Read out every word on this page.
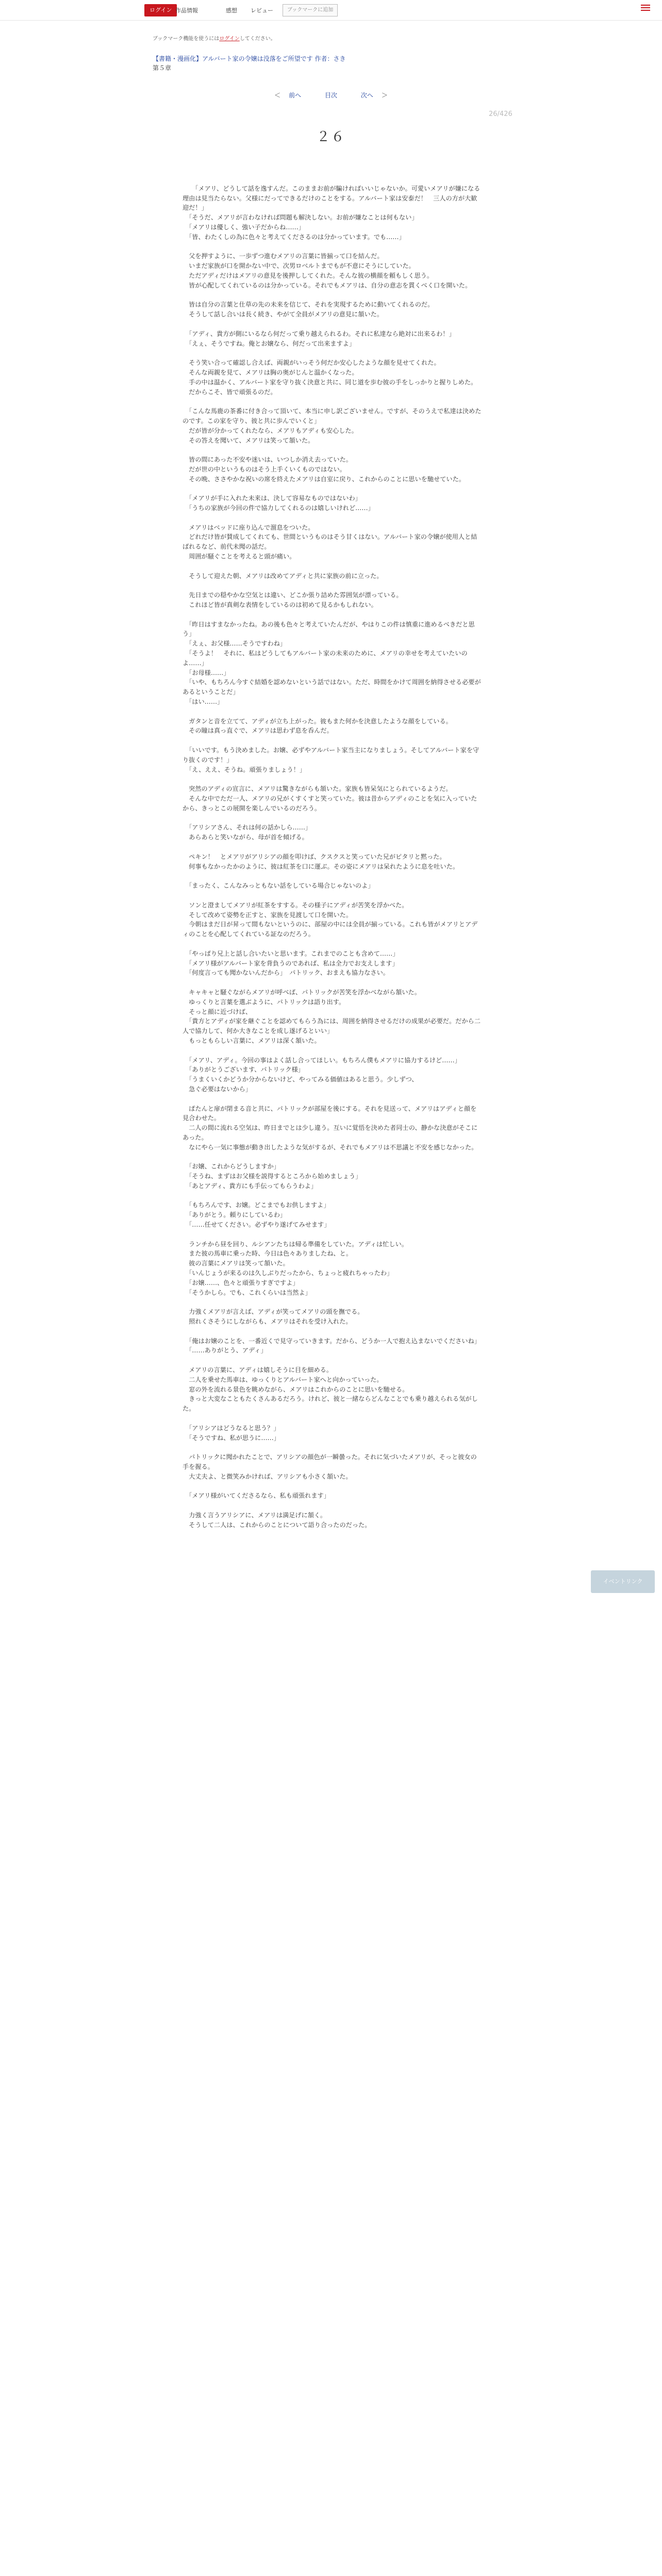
ログイン 作品情報	感想 レビュー	ブックマークに追加
ブックマーク機能を使うにはログインしてください。
【書籍・漫画化】アルバート家の令嬢は没落をご所望です 作者：さき
第５章
＜ 前へ	目次	次へ ＞
26/426
２６

　　「メアリ、どうして話を逸すんだ。このままお前が騙ければいいじゃないか。可愛いメアリが嫌になる理由は見当たらない。父様にだってできるだけのことをする。アルバート家は安泰だ！　三人の方が大歓迎だ！」

　「そうだ、メアリが言わなければ問題も解決しない。お前が嫌なことは何もない」

　「メアリは優しく、強い子だからね……」

　「皆、わたくしの為に色々と考えてくださるのは分かっています。でも……」

　父を押すように、一歩ずつ進むメアリの言葉に皆揃って口を結んだ。

　いまだ家族が口を開かない中で、次男ロベルトまでもが不意にそうにしていた。

　ただアディだけはメアリの意見を後押ししてくれた。そんな彼の横顔を頼もしく思う。

　皆が心配してくれているのは分かっている。それでもメアリは、自分の意志を貫くべく口を開いた。

　皆は自分の言葉と仕草の先の未来を信じて、それを実現するために動いてくれるのだ。

　そうして話し合いは長く続き、やがて全員がメアリの意見に頷いた。

　「アディ、貴方が側にいるなら何だって乗り越えられるわ。それに私達なら絶対に出来るわ！」

　「えぇ、そうですね。俺とお嬢なら、何だって出来ますよ」

　そう笑い合って確認し合えば、両親がいっそう何だか安心したような顔を見せてくれた。

　そんな両親を見て、メアリは胸の奥がじんと温かくなった。

　手の中は温かく、アルバート家を守り抜く決意と共に、同じ道を歩む彼の手をしっかりと握りしめた。

　だからこそ、皆で頑張るのだ。

　「こんな馬鹿の茶番に付き合って頂いて、本当に申し訳ございません。ですが、そのうえで私達は決めたのです。この家を守り、彼と共に歩んでいくと」

　だが皆が分かってくれたなら、メアリもアディも安心した。

　その答えを聞いて、メアリは笑って頷いた。

　皆の間にあった不安や迷いは、いつしか消え去っていた。

　だが世の中というものはそう上手くいくものではない。

　その晩、ささやかな祝いの席を終えたメアリは自室に戻り、これからのことに思いを馳せていた。

　「メアリが手に入れた未来は、決して容易なものではないわ」

　「うちの家族が今回の件で協力してくれるのは嬉しいけれど……」

　メアリはベッドに座り込んで溜息をついた。

　どれだけ皆が賛成してくれても、世間というものはそう甘くはない。アルバート家の令嬢が使用人と結ばれるなど、前代未聞の話だ。

　周囲が騒ぐことを考えると頭が痛い。

　そうして迎えた朝、メアリは改めてアディと共に家族の前に立った。

　先日までの穏やかな空気とは違い、どこか張り詰めた雰囲気が漂っている。

　これほど皆が真剣な表情をしているのは初めて見るかもしれない。

　「昨日はすまなかったね。あの後も色々と考えていたんだが、やはりこの件は慎重に進めるべきだと思う」

　「えぇ、お父様……そうですわね」

　「そうよ！　それに、私はどうしてもアルバート家の未来のために、メアリの幸せを考えていたいのよ……」

　「お母様……」

　「いや、もちろん今すぐ結婚を認めないという話ではない。ただ、時間をかけて周囲を納得させる必要があるということだ」

　「はい……」

　ガタンと音を立てて、アディが立ち上がった。彼もまた何かを決意したような顔をしている。

　その瞳は真っ直ぐで、メアリは思わず息を呑んだ。

　「いいです。もう決めました。お嬢、必ずやアルバート家当主になりましょう。そしてアルバート家を守り抜くのです！」

　「え、ええ、そうね。頑張りましょう！」

　突然のアディの宣言に、メアリは驚きながらも頷いた。家族も皆呆気にとられているようだ。

　そんな中でただ一人、メアリの兄がくすくすと笑っていた。彼は昔からアディのことを気に入っていたから、きっとこの展開を楽しんでいるのだろう。

　「アリシアさん、それは何の話かしら……」

　あらあらと笑いながら、母が首を傾げる。

　ペキン！　とメアリがアリシアの顔を叩けば、クスクスと笑っていた兄がピタリと黙った。

　何事もなかったかのように、彼は紅茶を口に運ぶ。その姿にメアリは呆れたように息を吐いた。

　「まったく、こんなみっともない話をしている場合じゃないのよ」

　ソンと澄ましてメアリが紅茶をすする。その様子にアディが苦笑を浮かべた。

　そして改めて姿勢を正すと、家族を見渡して口を開いた。

　今朝はまだ日が昇って間もないというのに、部屋の中には全員が揃っている。これも皆がメアリとアディのことを心配してくれている証なのだろう。

　「やっぱり兄上と話し合いたいと思います。これまでのことも含めて……」

　「メアリ様がアルバート家を背負うのであれば、私は全力でお支えします」

　「何度言っても聞かないんだから」　パトリック、おまえも協力なさい。

　キャキャと騒ぐながらメアリが呼べば、パトリックが苦笑を浮かべながら頷いた。

　ゆっくりと言葉を選ぶように、パトリックは語り出す。

　そっと顔に近づけば、

　「貴方とアディが家を継ぐことを認めてもらう為には、周囲を納得させるだけの成果が必要だ。だから二人で協力して、何か大きなことを成し遂げるといい」

　もっともらしい言葉に、メアリは深く頷いた。

　「メアリ、アディ。今回の事はよく話し合ってほしい。もちろん僕もメアリに協力するけど……」

　「ありがとうございます、パトリック様」

　「うまくいくかどうか分からないけど、やってみる価値はあると思う。少しずつ、

　急ぐ必要はないから」

　ぱたんと扉が閉まる音と共に、パトリックが部屋を後にする。それを見送って、メアリはアディと顔を見合わせた。

　二人の間に流れる空気は、昨日までとは少し違う。互いに覚悟を決めた者同士の、静かな決意がそこにあった。

　なにやら一気に事態が動き出したような気がするが、それでもメアリは不思議と不安を感じなかった。

　「お嬢、これからどうしますか」

　「そうね、まずはお父様を説得するところから始めましょう」

　「あとアディ、貴方にも手伝ってもらうわよ」

　「もちろんです、お嬢。どこまでもお供しますよ」

　「ありがとう。頼りにしているわ」

　「……任せてください。必ずやり遂げてみせます」

　ランチから昼を回り、ルシアンたちは帰る準備をしていた。アディは忙しい。

　また彼の馬車に乗った時、今日は色々ありましたね、と。

　彼の言葉にメアリは笑って頷いた。

　「いんじょうが来るのは久しぶりだったから、ちょっと疲れちゃったわ」

　「お嬢……、色々と頑張りすぎですよ」

　「そうかしら。でも、これくらいは当然よ」

　力強くメアリが言えば、アディが笑ってメアリの頭を撫でる。

　照れくさそうにしながらも、メアリはそれを受け入れた。

　「俺はお嬢のことを、一番近くで見守っていきます。だから、どうか一人で抱え込まないでくださいね」

　「……ありがとう、アディ」

　メアリの言葉に、アディは嬉しそうに目を細める。

　二人を乗せた馬車は、ゆっくりとアルバート家へと向かっていった。

　窓の外を流れる景色を眺めながら、メアリはこれからのことに思いを馳せる。

　きっと大変なこともたくさんあるだろう。けれど、彼と一緒ならどんなことでも乗り越えられる気がした。

　「アリシアはどうなると思う？」

　「そうですね、私が思うに……」

　パトリックに聞かれたことで、アリシアの顔色が一瞬曇った。それに気づいたメアリが、そっと彼女の手を握る。

　大丈夫よ、と微笑みかければ、アリシアも小さく頷いた。

　「メアリ様がいてくださるなら、私も頑張れます」

　力強く言うアリシアに、メアリは満足げに頷く。

　そうして二人は、これからのことについて語り合ったのだった。

イベントリンク
